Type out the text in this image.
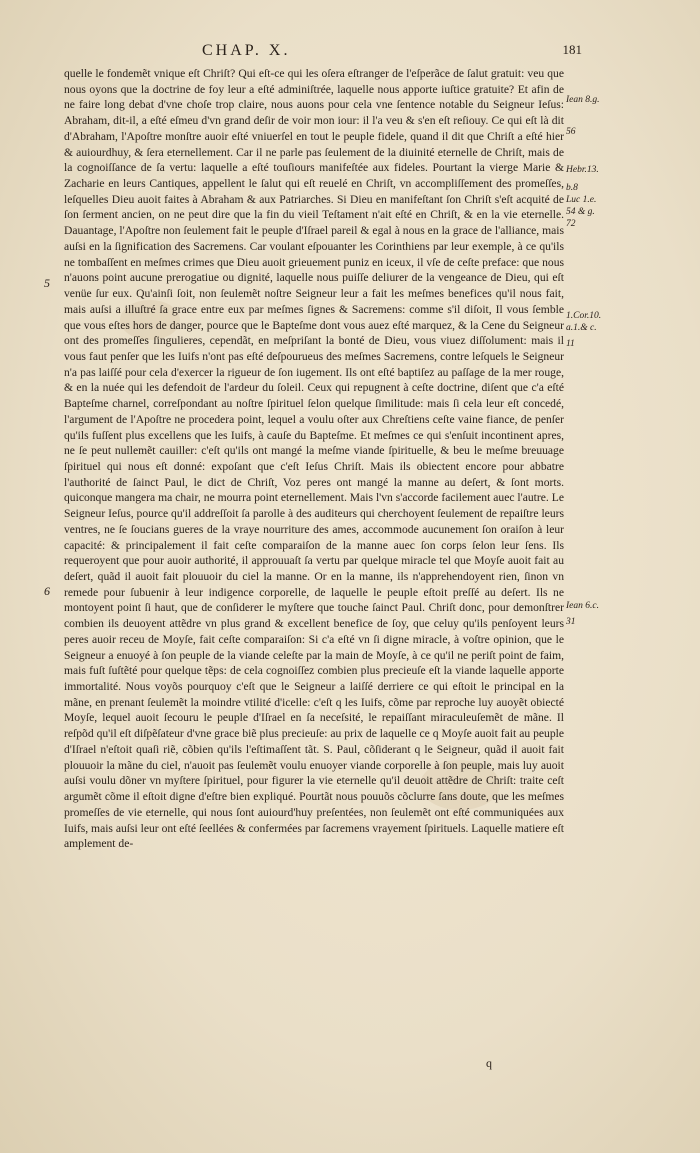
CHAP. X.	181
5
6
quelle le fondemẽt vnique eſt Chriſt? Qui eſt-ce qui les oſera eſtranger de l'eſperãce de ſalut gratuit: veu que nous oyons que la doctrine de foy leur a eſté adminiſtrée, laquelle nous apporte iuſtice gratuite? Et afin de ne faire long debat d'vne choſe trop claire, nous auons pour cela vne ſentence notable du Seigneur Ieſus: Abraham, dit-il, a eſté eſmeu d'vn grand deſir de voir mon iour: il l'a veu & s'en eſt reſiouy. Ce qui eſt là dit d'Abraham, l'Apoſtre monſtre auoir eſté vniuerſel en tout le peuple fidele, quand il dit que Chriſt a eſté hier & auiourdhuy, & ſera eternellement. Car il ne parle pas ſeulement de la diuinité eternelle de Chriſt, mais de la cognoiſſance de ſa vertu: laquelle a eſté touſiours manifeſtée aux fideles. Pourtant la vierge Marie & Zacharie en leurs Cantiques, appellent le ſalut qui eſt reuelé en Chriſt, vn accompliſſement des promeſſes, leſquelles Dieu auoit faites à Abraham & aux Patriarches. Si Dieu en manifeſtant ſon Chriſt s'eſt acquité de ſon ſerment ancien, on ne peut dire que la fin du vieil Teſtament n'ait eſté en Chriſt, & en la vie eternelle. Dauantage, l'Apoſtre non ſeulement fait le peuple d'Iſrael pareil & egal à nous en la grace de l'alliance, mais auſsi en la ſignification des Sacremens. Car voulant eſpouanter les Corinthiens par leur exemple, à ce qu'ils ne tombaſſent en meſmes crimes que Dieu auoit grieuement puniz en iceux, il vſe de ceſte preface: que nous n'auons point aucune prerogatiue ou dignité, laquelle nous puiſſe deliurer de la vengeance de Dieu, qui eſt venüe ſur eux. Qu'ainſi ſoit, non ſeulemẽt noſtre Seigneur leur a fait les meſmes benefices qu'il nous fait, mais auſsi a illuſtré ſa grace entre eux par meſmes ſignes & Sacremens: comme s'il diſoit, Il vous ſemble que vous eſtes hors de danger, pource que le Bapteſme dont vous auez eſté marquez, & la Cene du Seigneur ont des promeſſes ſingulieres, cependãt, en meſpriſant la bonté de Dieu, vous viuez diſſolument: mais il vous faut penſer que les Iuifs n'ont pas eſté deſpourueus des meſmes Sacremens, contre leſquels le Seigneur n'a pas laiſſé pour cela d'exercer la rigueur de ſon iugement. Ils ont eſté baptiſez au paſſage de la mer rouge, & en la nuée qui les defendoit de l'ardeur du ſoleil. Ceux qui repugnent à ceſte doctrine, diſent que c'a eſté Bapteſme charnel, correſpondant au noſtre ſpirituel ſelon quelque ſimilitude: mais ſi cela leur eſt concedé, l'argument de l'Apoſtre ne procedera point, lequel a voulu oſter aux Chreſtiens ceſte vaine fiance, de penſer qu'ils fuſſent plus excellens que les Iuifs, à cauſe du Bapteſme. Et meſmes ce qui s'enſuit incontinent apres, ne ſe peut nullemẽt cauiller: c'eſt qu'ils ont mangé la meſme viande ſpirituelle, & beu le meſme breuuage ſpirituel qui nous eſt donné: expoſant que c'eſt Ieſus Chriſt. Mais ils obiectent encore pour abbatre l'authorité de ſainct Paul, le dict de Chriſt, Voz peres ont mangé la manne au deſert, & ſont morts. quiconque mangera ma chair, ne mourra point eternellement. Mais l'vn s'accorde facilement auec l'autre. Le Seigneur Ieſus, pource qu'il addreſſoit ſa parolle à des auditeurs qui cherchoyent ſeulement de repaiſtre leurs ventres, ne ſe ſoucians gueres de la vraye nourriture des ames, accommode aucunement ſon oraiſon à leur capacité: & principalement il fait ceſte comparaiſon de la manne auec ſon corps ſelon leur ſens. Ils requeroyent que pour auoir authorité, il approuuaſt ſa vertu par quelque miracle tel que Moyſe auoit fait au deſert, quãd il auoit fait plouuoir du ciel la manne. Or en la manne, ils n'apprehendoyent rien, ſinon vn remede pour ſubuenir à leur indigence corporelle, de laquelle le peuple eſtoit preſſé au deſert. Ils ne montoyent point ſi haut, que de conſiderer le myſtere que touche ſainct Paul. Chriſt donc, pour demonſtrer combien ils deuoyent attẽdre vn plus grand & excellent benefice de ſoy, que celuy qu'ils penſoyent leurs peres auoir receu de Moyſe, fait ceſte comparaiſon: Si c'a eſté vn ſi digne miracle, à voſtre opinion, que le Seigneur a enuoyé à ſon peuple de la viande celeſte par la main de Moyſe, à ce qu'il ne periſt point de faim, mais fuſt ſuſtẽté pour quelque tẽps: de cela cognoiſſez combien plus precieuſe eſt la viande laquelle apporte immortalité. Nous voyõs pourquoy c'eſt que le Seigneur a laiſſé derriere ce qui eſtoit le principal en la mãne, en prenant ſeulemẽt la moindre vtilité d'icelle: c'eſt q les Iuifs, cõme par reproche luy auoyẽt obiecté Moyſe, lequel auoit ſecouru le peuple d'Iſrael en ſa neceſsité, le repaiſſant miraculeuſemẽt de mãne. Il reſpõd qu'il eſt diſpẽſateur d'vne grace biẽ plus precieuſe: au prix de laquelle ce q Moyſe auoit fait au peuple d'Iſrael n'eſtoit quaſi riẽ, cõbien qu'ils l'eſtimaſſent tãt. S. Paul, cõſiderant q le Seigneur, quãd il auoit fait plouuoir la mãne du ciel, n'auoit pas ſeulemẽt voulu enuoyer viande corporelle à ſon peuple, mais luy auoit auſsi voulu dõner vn myſtere ſpirituel, pour figurer la vie eternelle qu'il deuoit attẽdre de Chriſt: traite ceſt argumẽt cõme il eſtoit digne d'eſtre bien expliqué. Pourtãt nous pouuõs cõclurre ſans doute, que les meſmes promeſſes de vie eternelle, qui nous ſont auiourd'huy preſentées, non ſeulemẽt ont eſté communiquées aux Iuifs, mais auſsi leur ont eſté ſeellées & confermées par ſacremens vrayement ſpirituels. Laquelle matiere eſt amplement de-
Iean 8.g.
56
Hebr.13.
b.8
Luc 1.e.
54 & g.
72
1.Cor.10.
a.1.& c.
11
Iean 6.c.
31
q
